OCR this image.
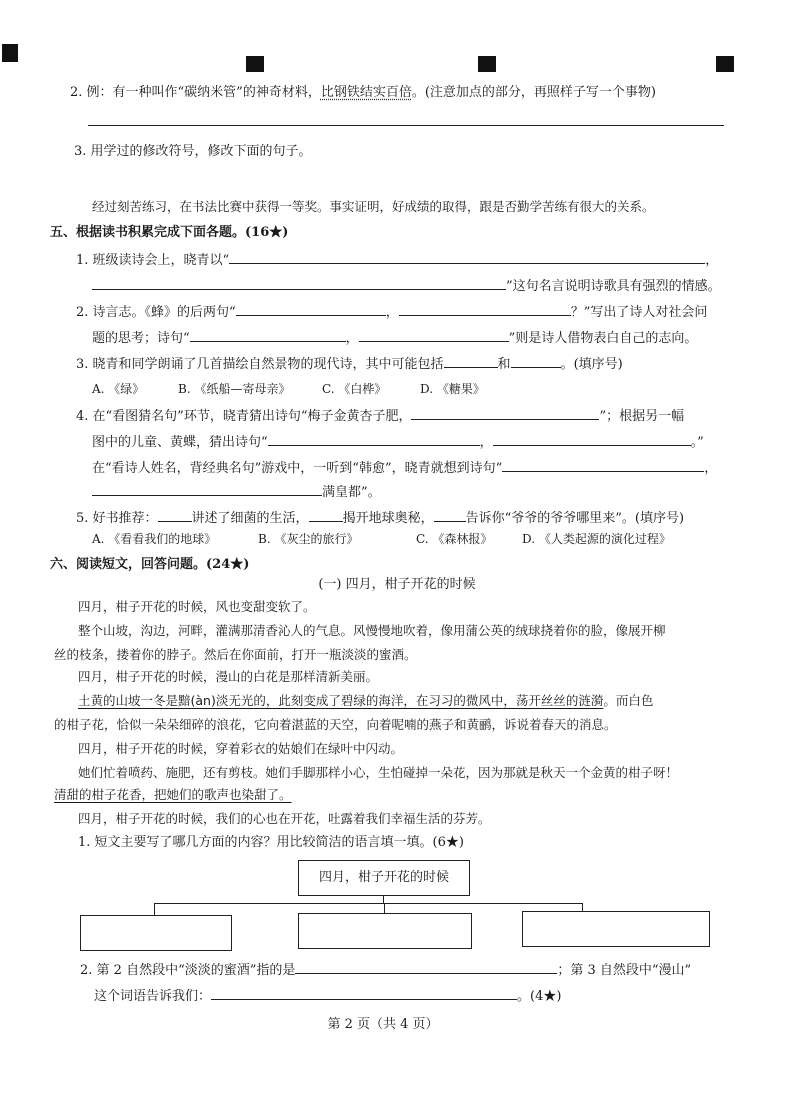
2. 例：有一种叫作“碳纳米管”的神奇材料，比钢铁结实百倍。(注意加点的部分，再照样子写一个事物)
3. 用学过的修改符号，修改下面的句子。
经过刻苦练习，在书法比赛中获得一等奖。事实证明，好成绩的取得，跟是否勤学苦练有很大的关系。
五、根据读书积累完成下面各题。(16★)
1. 班级读诗会上，晓青以“	，
”这句名言说明诗歌具有强烈的情感。
2. 诗言志。《蜂》的后两句“	，	？”写出了诗人对社会问
题的思考；诗句“	，	”则是诗人借物表白自己的志向。
3. 晓青和同学朗诵了几首描绘自然景物的现代诗，其中可能包括	和	。(填序号)
A. 《绿》	B. 《纸船—寄母亲》	C. 《白桦》	D. 《糖果》
4. 在“看图猜名句”环节，晓青猜出诗句“梅子金黄杏子肥，	”；根据另一幅
图中的儿童、黄蝶，猜出诗句“	，	。”
在“看诗人姓名，背经典名句”游戏中，一听到“韩愈”，晓青就想到诗句“	，
满皇都”。
5. 好书推荐：	讲述了细菌的生活，	揭开地球奥秘， 告诉你“爷爷的爷爷哪里来”。(填序号)
A. 《看看我们的地球》	B. 《灰尘的旅行》	C. 《森林报》 D. 《人类起源的演化过程》
六、阅读短文，回答问题。(24★)
(一) 四月，柑子开花的时候
四月，柑子开花的时候，风也变甜变软了。
整个山坡，沟边，河畔，灌满那清香沁人的气息。风慢慢地吹着，像用蒲公英的绒球挠着你的脸，像展开柳
丝的枝条，搂着你的脖子。然后在你面前，打开一瓶淡淡的蜜酒。
四月，柑子开花的时候，漫山的白花是那样清新美丽。
土黄的山坡一冬是黯(àn)淡无光的，此刻变成了碧绿的海洋，在习习的微风中，荡开丝丝的涟漪。而白色
的柑子花，恰似一朵朵细碎的浪花，它向着湛蓝的天空，向着呢喃的燕子和黄鹂，诉说着春天的消息。
四月，柑子开花的时候，穿着彩衣的姑娘们在绿叶中闪动。
她们忙着喷药、施肥，还有剪枝。她们手脚那样小心，生怕碰掉一朵花，因为那就是秋天一个金黄的柑子呀！
清甜的柑子花香，把她们的歌声也染甜了。
四月，柑子开花的时候，我们的心也在开花，吐露着我们幸福生活的芬芳。
1. 短文主要写了哪几方面的内容？用比较简洁的语言填一填。(6★)
四月，柑子开花的时候
2. 第 2 自然段中“淡淡的蜜酒”指的是	；第 3 自然段中“漫山”
这个词语告诉我们：	。(4★)
第 2 页（共 4 页）
